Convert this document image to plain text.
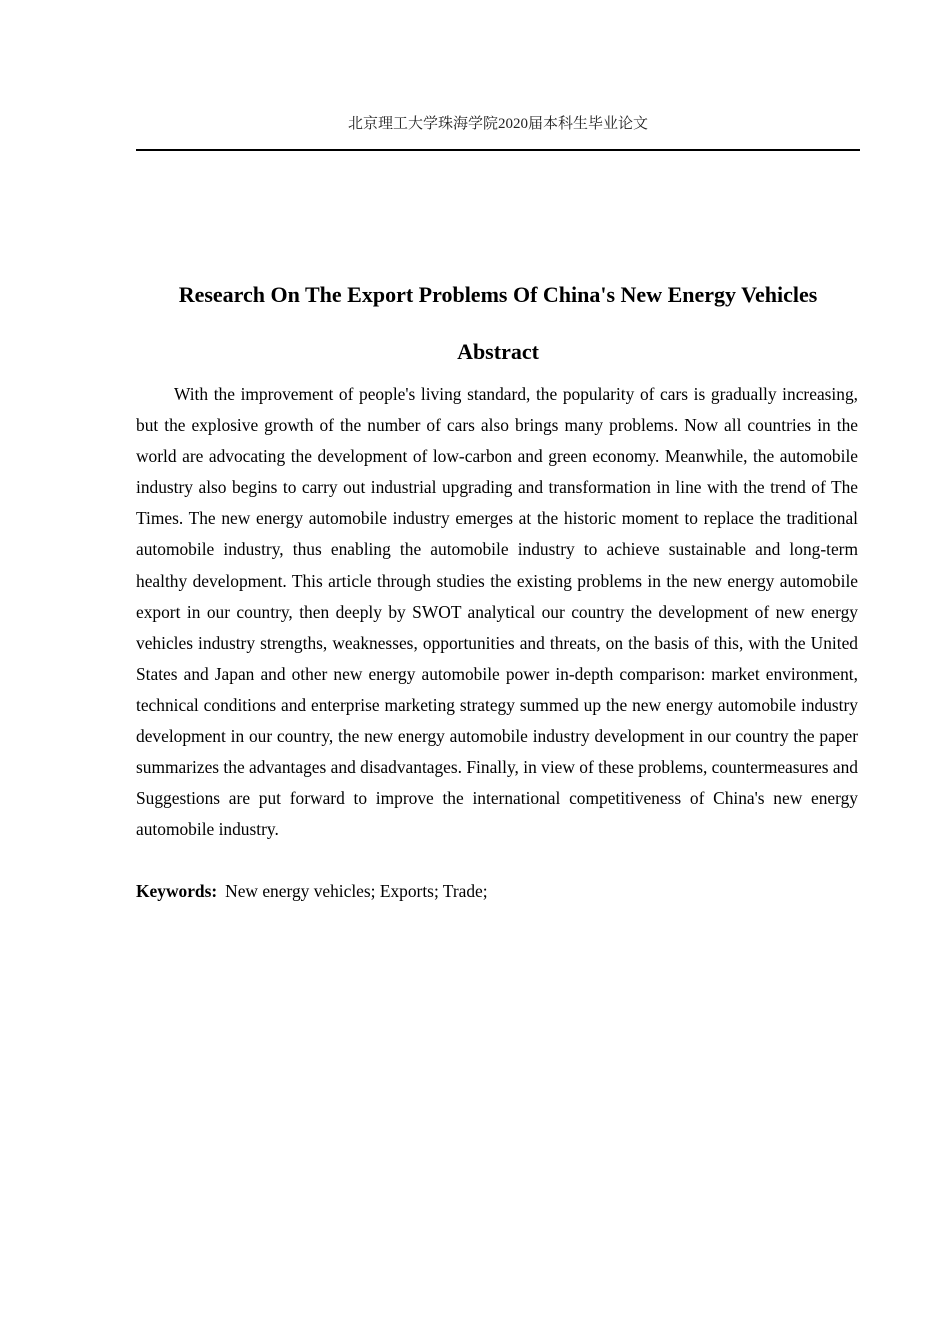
北京理工大学珠海学院2020届本科生毕业论文
Research On The Export Problems Of China's New Energy Vehicles
Abstract

With the improvement of people's living standard, the popularity of cars is gradually increasing, but the explosive growth of the number of cars also brings many problems. Now all countries in the world are advocating the development of low-carbon and green economy. Meanwhile, the automobile industry also begins to carry out industrial upgrading and transformation in line with the trend of The Times. The new energy automobile industry emerges at the historic moment to replace the traditional automobile industry, thus enabling the automobile industry to achieve sustainable and long-term healthy development. This article through studies the existing problems in the new energy automobile export in our country, then deeply by SWOT analytical our country the development of new energy vehicles industry strengths, weaknesses, opportunities and threats, on the basis of this, with the United States and Japan and other new energy automobile power in-depth comparison: market environment, technical conditions and enterprise marketing strategy summed up the new energy automobile industry development in our country, the new energy automobile industry development in our country the paper summarizes the advantages and disadvantages. Finally, in view of these problems, countermeasures and Suggestions are put forward to improve the international competitiveness of China's new energy automobile industry.

Keywords: New energy vehicles; Exports; Trade;
